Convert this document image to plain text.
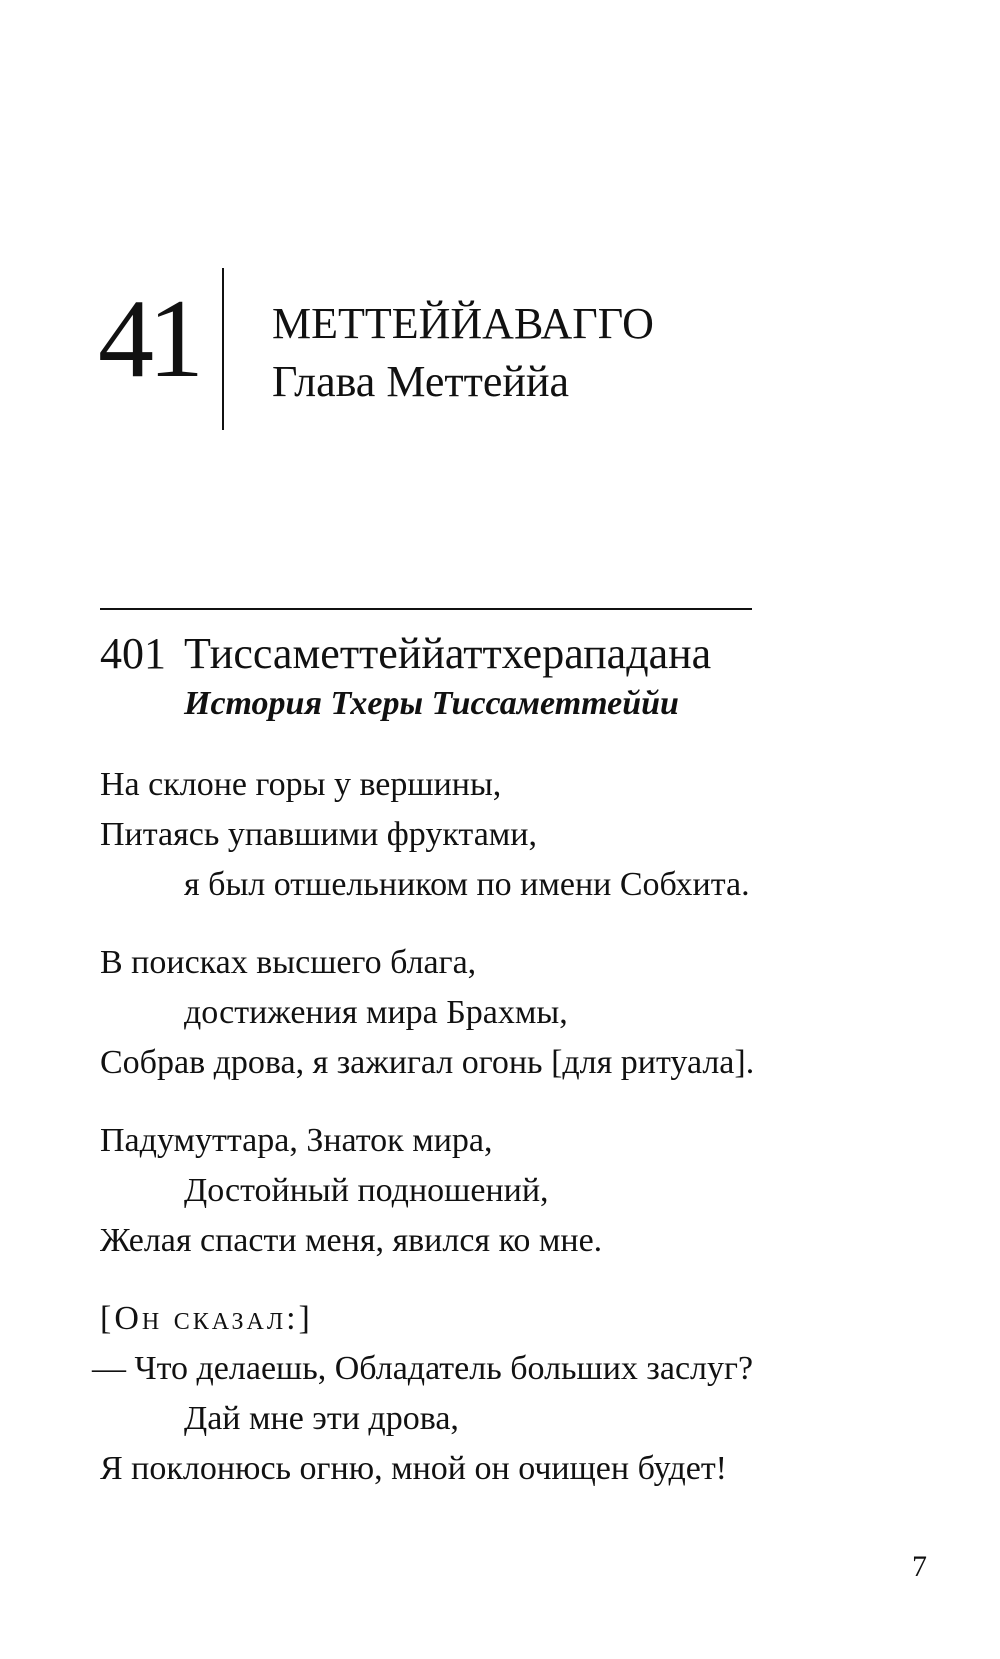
41 МЕТТЕЙЙАВАГГО
Глава Меттеййа
401 Тиссаметтеййаттхерападана
История Тхеры Тиссаметтеййи
На склоне горы у вершины,
Питаясь упавшими фруктами,
я был отшельником по имени Собхита.
В поисках высшего блага,
достижения мира Брахмы,
Собрав дрова, я зажигал огонь [для ритуала].
Падумуттара, Знаток мира,
Достойный подношений,
Желая спасти меня, явился ко мне.
[Он сказал:]
— Что делаешь, Обладатель больших заслуг?
Дай мне эти дрова,
Я поклонюсь огню, мной он очищен будет!
7
